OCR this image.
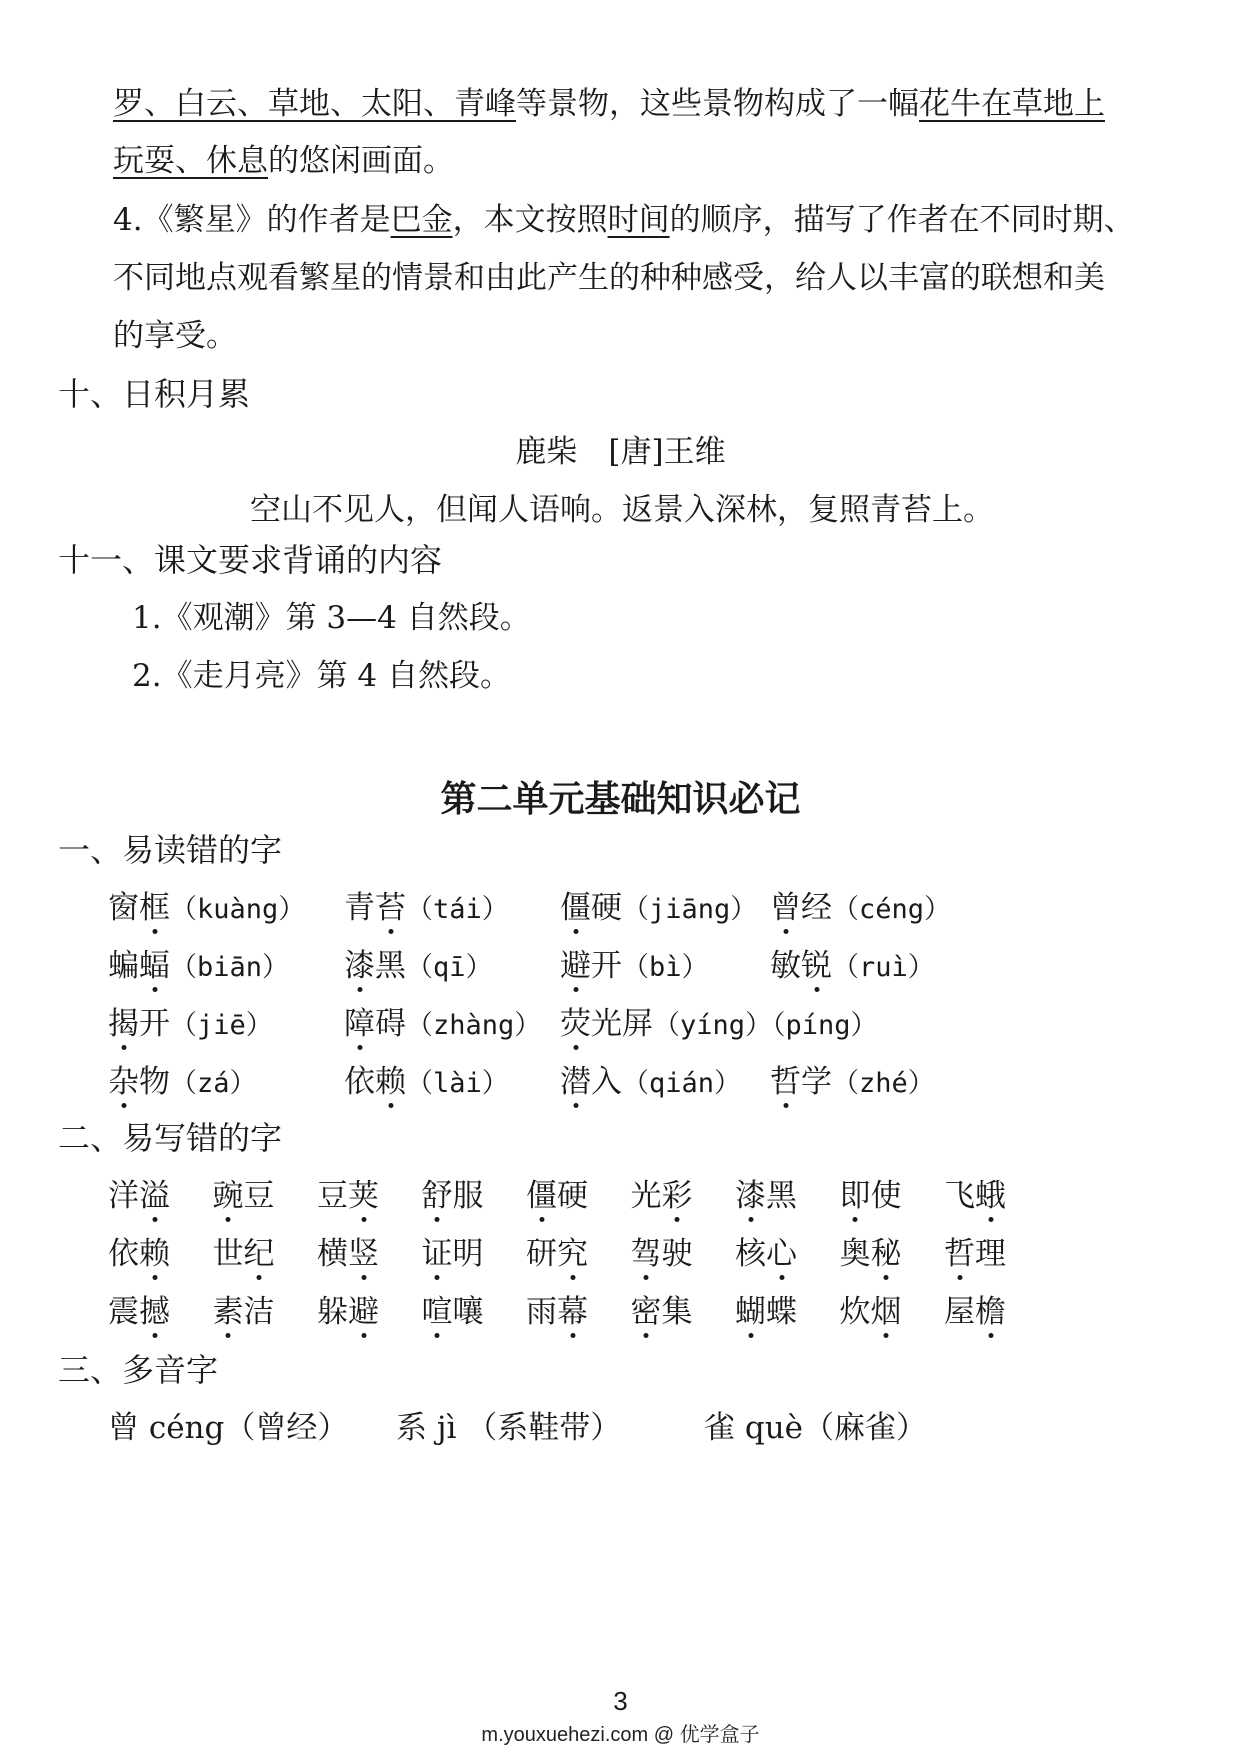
罗、白云、草地、太阳、青峰等景物，这些景物构成了一幅花牛在草地上
玩耍、休息的悠闲画面。
4.《繁星》的作者是巴金，本文按照时间的顺序，描写了作者在不同时期、
不同地点观看繁星的情景和由此产生的种种感受，给人以丰富的联想和美
的享受。
十、日积月累
鹿柴　[唐]王维
空山不见人，但闻人语响。返景入深林，复照青苔上。
十一、课文要求背诵的内容
1.《观潮》第 3—4 自然段。
2.《走月亮》第 4 自然段。
第二单元基础知识必记
一、易读错的字
窗框（kuàng） 青苔（tái） 僵硬（jiāng） 曾经（céng）
蝙蝠（biān） 漆黑（qī） 避开（bì） 敏锐（ruì）
揭开（jiē） 障碍（zhàng） 荧光屏（yíng）（píng）
杂物（zá）	依赖（lài） 潜入（qián） 哲学（zhé）
二、易写错的字
洋溢 豌豆 豆荚 舒服 僵硬 光彩 漆黑 即使 飞蛾
依赖 世纪 横竖 证明 研究 驾驶 核心 奥秘 哲理
震撼 素洁 躲避 喧嚷 雨幕 密集 蝴蝶 炊烟 屋檐
三、多音字
曾 céng（曾经） 系 jì （系鞋带）	雀 què（麻雀）
3
m.youxuehezi.com @ 优学盒子
